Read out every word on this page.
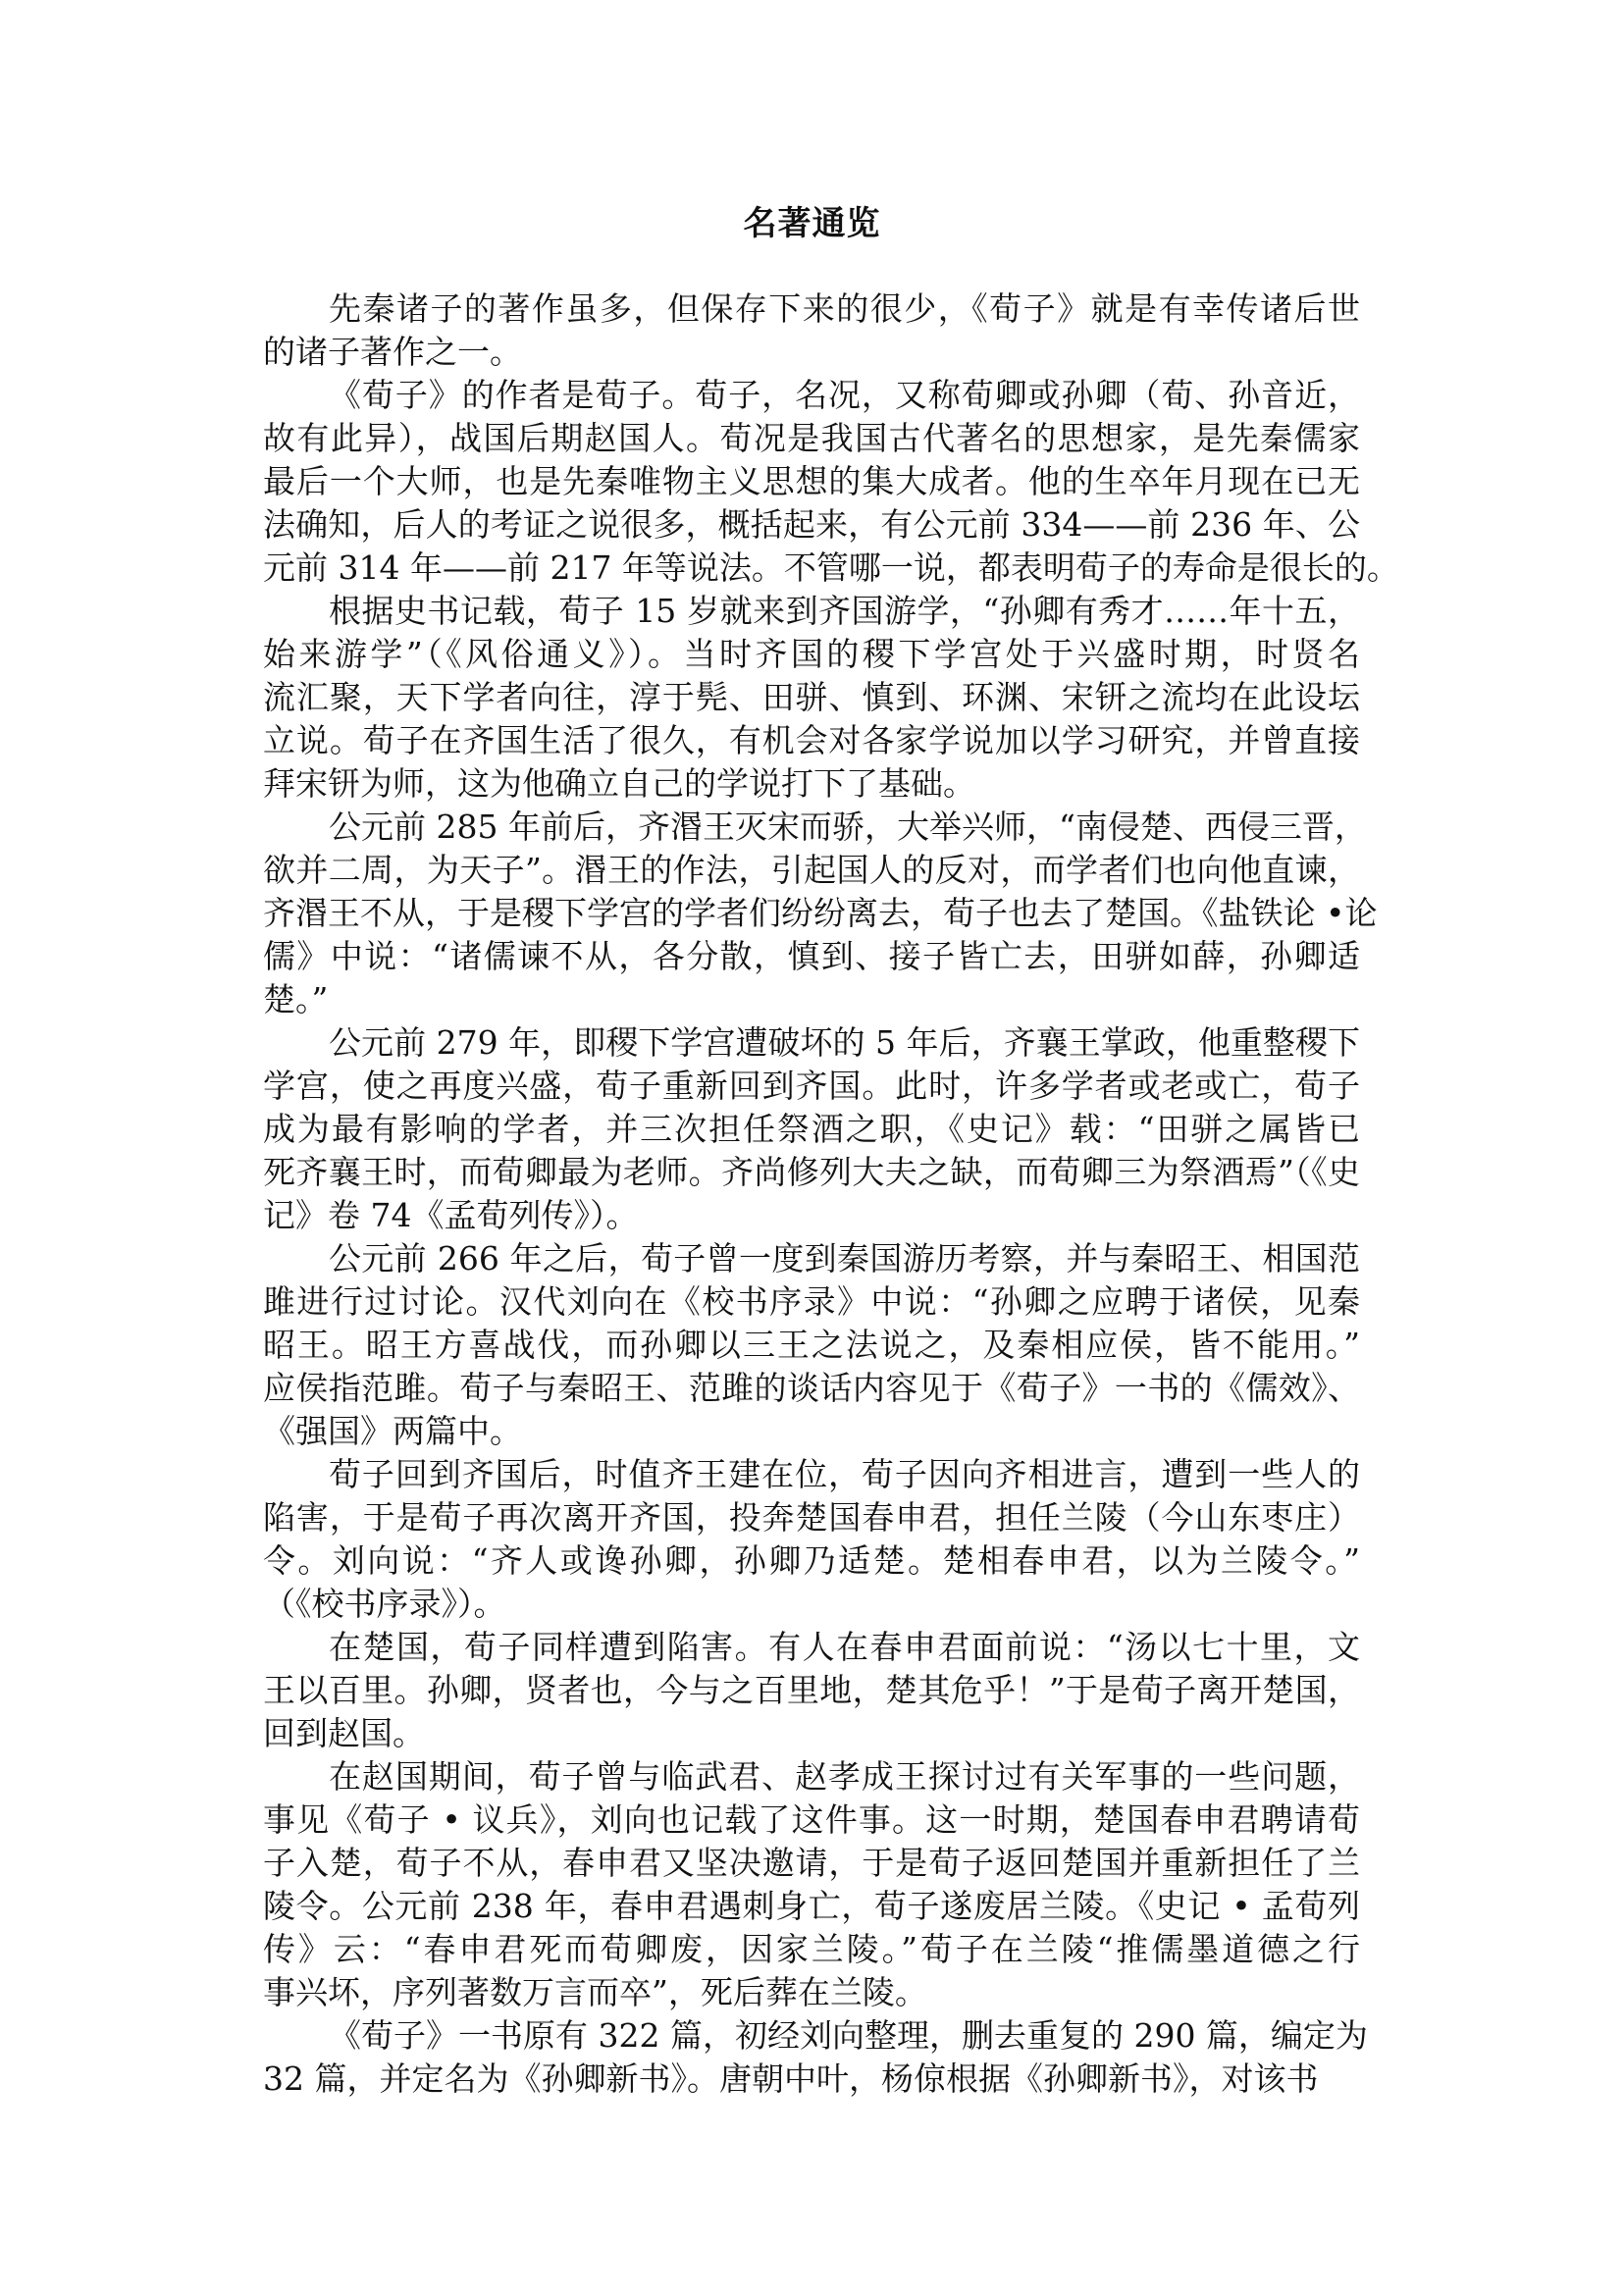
名著通览
先秦诸子的著作虽多，但保存下来的很少，《荀子》就是有幸传诸后世
的诸子著作之一。
《荀子》的作者是荀子。荀子，名况，又称荀卿或孙卿（荀、孙音近，
故有此异），战国后期赵国人。荀况是我国古代著名的思想家，是先秦儒家
最后一个大师，也是先秦唯物主义思想的集大成者。他的生卒年月现在已无
法确知，后人的考证之说很多，概括起来，有公元前 334——前 236 年、公
元前 314 年——前 217 年等说法。不管哪一说，都表明荀子的寿命是很长的。
根据史书记载，荀子 15 岁就来到齐国游学，“孙卿有秀才……年十五，
始来游学”（《风俗通义》）。当时齐国的稷下学宫处于兴盛时期，时贤名
流汇聚，天下学者向往，淳于髡、田骈、慎到、环渊、宋钘之流均在此设坛
立说。荀子在齐国生活了很久，有机会对各家学说加以学习研究，并曾直接
拜宋钘为师，这为他确立自己的学说打下了基础。
公元前 285 年前后，齐湣王灭宋而骄，大举兴师，“南侵楚、西侵三晋，
欲并二周，为天子”。湣王的作法，引起国人的反对，而学者们也向他直谏，
齐湣王不从，于是稷下学宫的学者们纷纷离去，荀子也去了楚国。《盐铁论 •论
儒》中说：“诸儒谏不从，各分散，慎到、接子皆亡去，田骈如薛，孙卿适
楚。”
公元前 279 年，即稷下学宫遭破坏的 5 年后，齐襄王掌政，他重整稷下
学宫，使之再度兴盛，荀子重新回到齐国。此时，许多学者或老或亡，荀子
成为最有影响的学者，并三次担任祭酒之职，《史记》载：“田骈之属皆已
死齐襄王时，而荀卿最为老师。齐尚修列大夫之缺，而荀卿三为祭酒焉”（《史
记》卷 74《孟荀列传》）。
公元前 266 年之后，荀子曾一度到秦国游历考察，并与秦昭王、相国范
雎进行过讨论。汉代刘向在《校书序录》中说：“孙卿之应聘于诸侯，见秦
昭王。昭王方喜战伐，而孙卿以三王之法说之，及秦相应侯，皆不能用。”
应侯指范雎。荀子与秦昭王、范雎的谈话内容见于《荀子》一书的《儒效》、
《强国》两篇中。
荀子回到齐国后，时值齐王建在位，荀子因向齐相进言，遭到一些人的
陷害，于是荀子再次离开齐国，投奔楚国春申君，担任兰陵（今山东枣庄）
令。刘向说：“齐人或谗孙卿，孙卿乃适楚。楚相春申君，以为兰陵令。”
（《校书序录》）。
在楚国，荀子同样遭到陷害。有人在春申君面前说：“汤以七十里，文
王以百里。孙卿，贤者也，今与之百里地，楚其危乎！”于是荀子离开楚国，
回到赵国。
在赵国期间，荀子曾与临武君、赵孝成王探讨过有关军事的一些问题，
事见《荀子 • 议兵》，刘向也记载了这件事。这一时期，楚国春申君聘请荀
子入楚，荀子不从，春申君又坚决邀请，于是荀子返回楚国并重新担任了兰
陵令。公元前 238 年，春申君遇刺身亡，荀子遂废居兰陵。《史记 • 孟荀列
传》云：“春申君死而荀卿废，因家兰陵。”荀子在兰陵“推儒墨道德之行
事兴坏，序列著数万言而卒”，死后葬在兰陵。
《荀子》一书原有 322 篇，初经刘向整理，删去重复的 290 篇，编定为
32 篇，并定名为《孙卿新书》。唐朝中叶，杨倞根据《孙卿新书》，对该书
